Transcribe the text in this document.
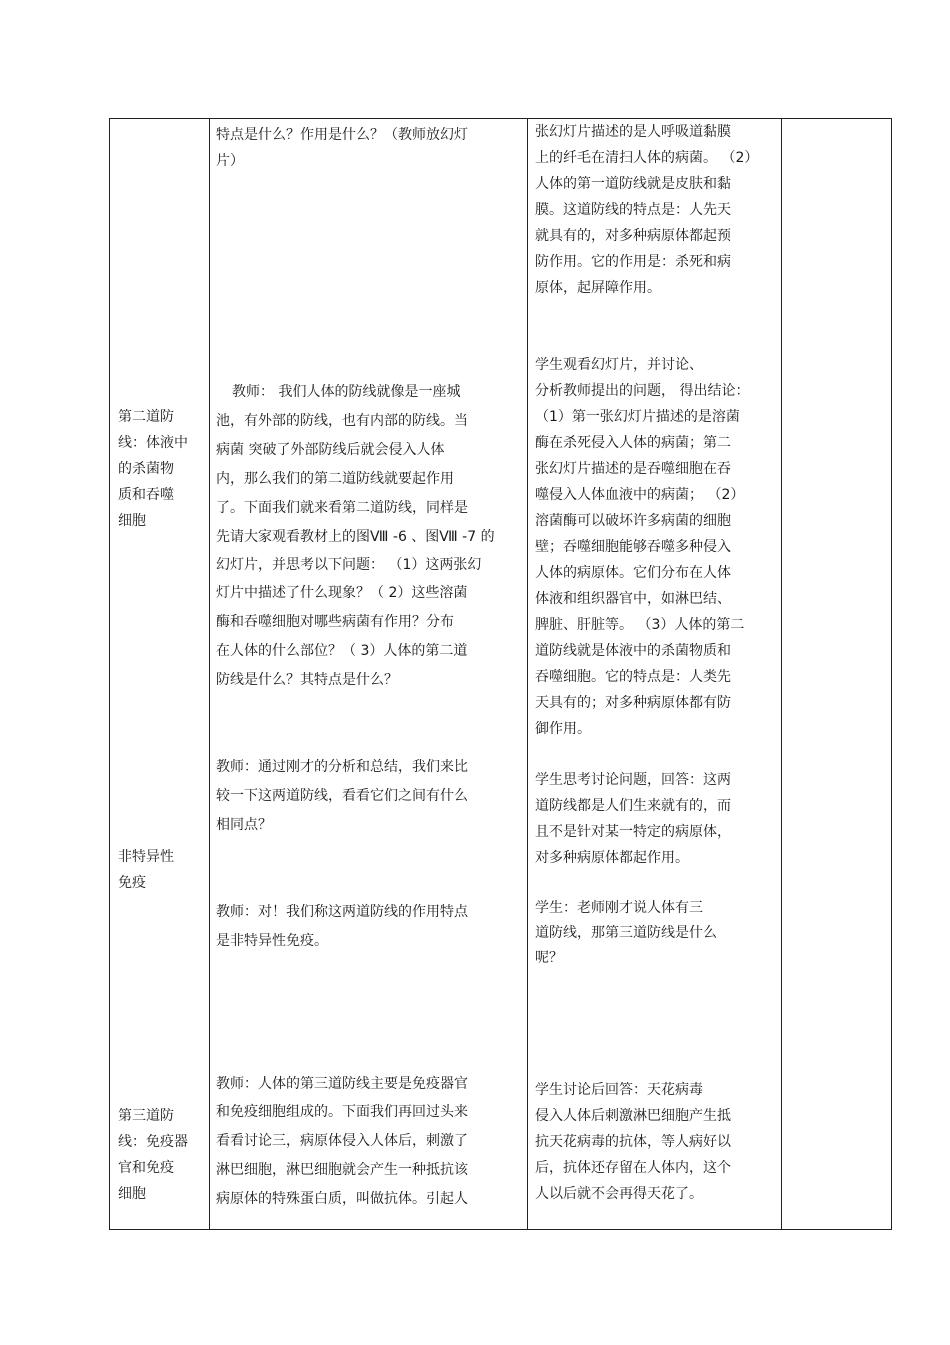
第二道防
线：体液中
的杀菌物
质和吞噬
细胞
非特异性
免疫
第三道防
线：免疫器
官和免疫
细胞
特点是什么？作用是什么？（教师放幻灯
片）
教师： 我们人体的防线就像是一座城
池，有外部的防线，也有内部的防线。当
病菌 突破了外部防线后就会侵入人体
内，那么我们的第二道防线就要起作用
了。下面我们就来看第二道防线，同样是
先请大家观看教材上的图Ⅷ -6 、图Ⅷ -7 的
幻灯片，并思考以下问题： （1）这两张幻
灯片中描述了什么现象？（ 2）这些溶菌
酶和吞噬细胞对哪些病菌有作用？分布
在人体的什么部位？（ 3）人体的第二道
防线是什么？其特点是什么？
教师：通过刚才的分析和总结，我们来比
较一下这两道防线，看看它们之间有什么
相同点？
教师：对！我们称这两道防线的作用特点
是非特异性免疫。
教师：人体的第三道防线主要是免疫器官
和免疫细胞组成的。下面我们再回过头来
看看讨论三，病原体侵入人体后，刺激了
淋巴细胞，淋巴细胞就会产生一种抵抗该
病原体的特殊蛋白质，叫做抗体。引起人
张幻灯片描述的是人呼吸道黏膜
上的纤毛在清扫人体的病菌。 （2）
人体的第一道防线就是皮肤和黏
膜。这道防线的特点是：人先天
就具有的，对多种病原体都起预
防作用。它的作用是：杀死和病
原体，起屏障作用。
学生观看幻灯片，并讨论、
分析教师提出的问题， 得出结论：
（1）第一张幻灯片描述的是溶菌
酶在杀死侵入人体的病菌；第二
张幻灯片描述的是吞噬细胞在吞
噬侵入人体血液中的病菌； （2）
溶菌酶可以破坏许多病菌的细胞
壁；吞噬细胞能够吞噬多种侵入
人体的病原体。它们分布在人体
体液和组织器官中，如淋巴结、
脾脏、肝脏等。 （3）人体的第二
道防线就是体液中的杀菌物质和
吞噬细胞。它的特点是：人类先
天具有的；对多种病原体都有防
御作用。
学生思考讨论问题，回答：这两
道防线都是人们生来就有的，而
且不是针对某一特定的病原体，
对多种病原体都起作用。
学生：老师刚才说人体有三
道防线，那第三道防线是什么
呢？
学生讨论后回答：天花病毒
侵入人体后刺激淋巴细胞产生抵
抗天花病毒的抗体，等人病好以
后，抗体还存留在人体内，这个
人以后就不会再得天花了。
